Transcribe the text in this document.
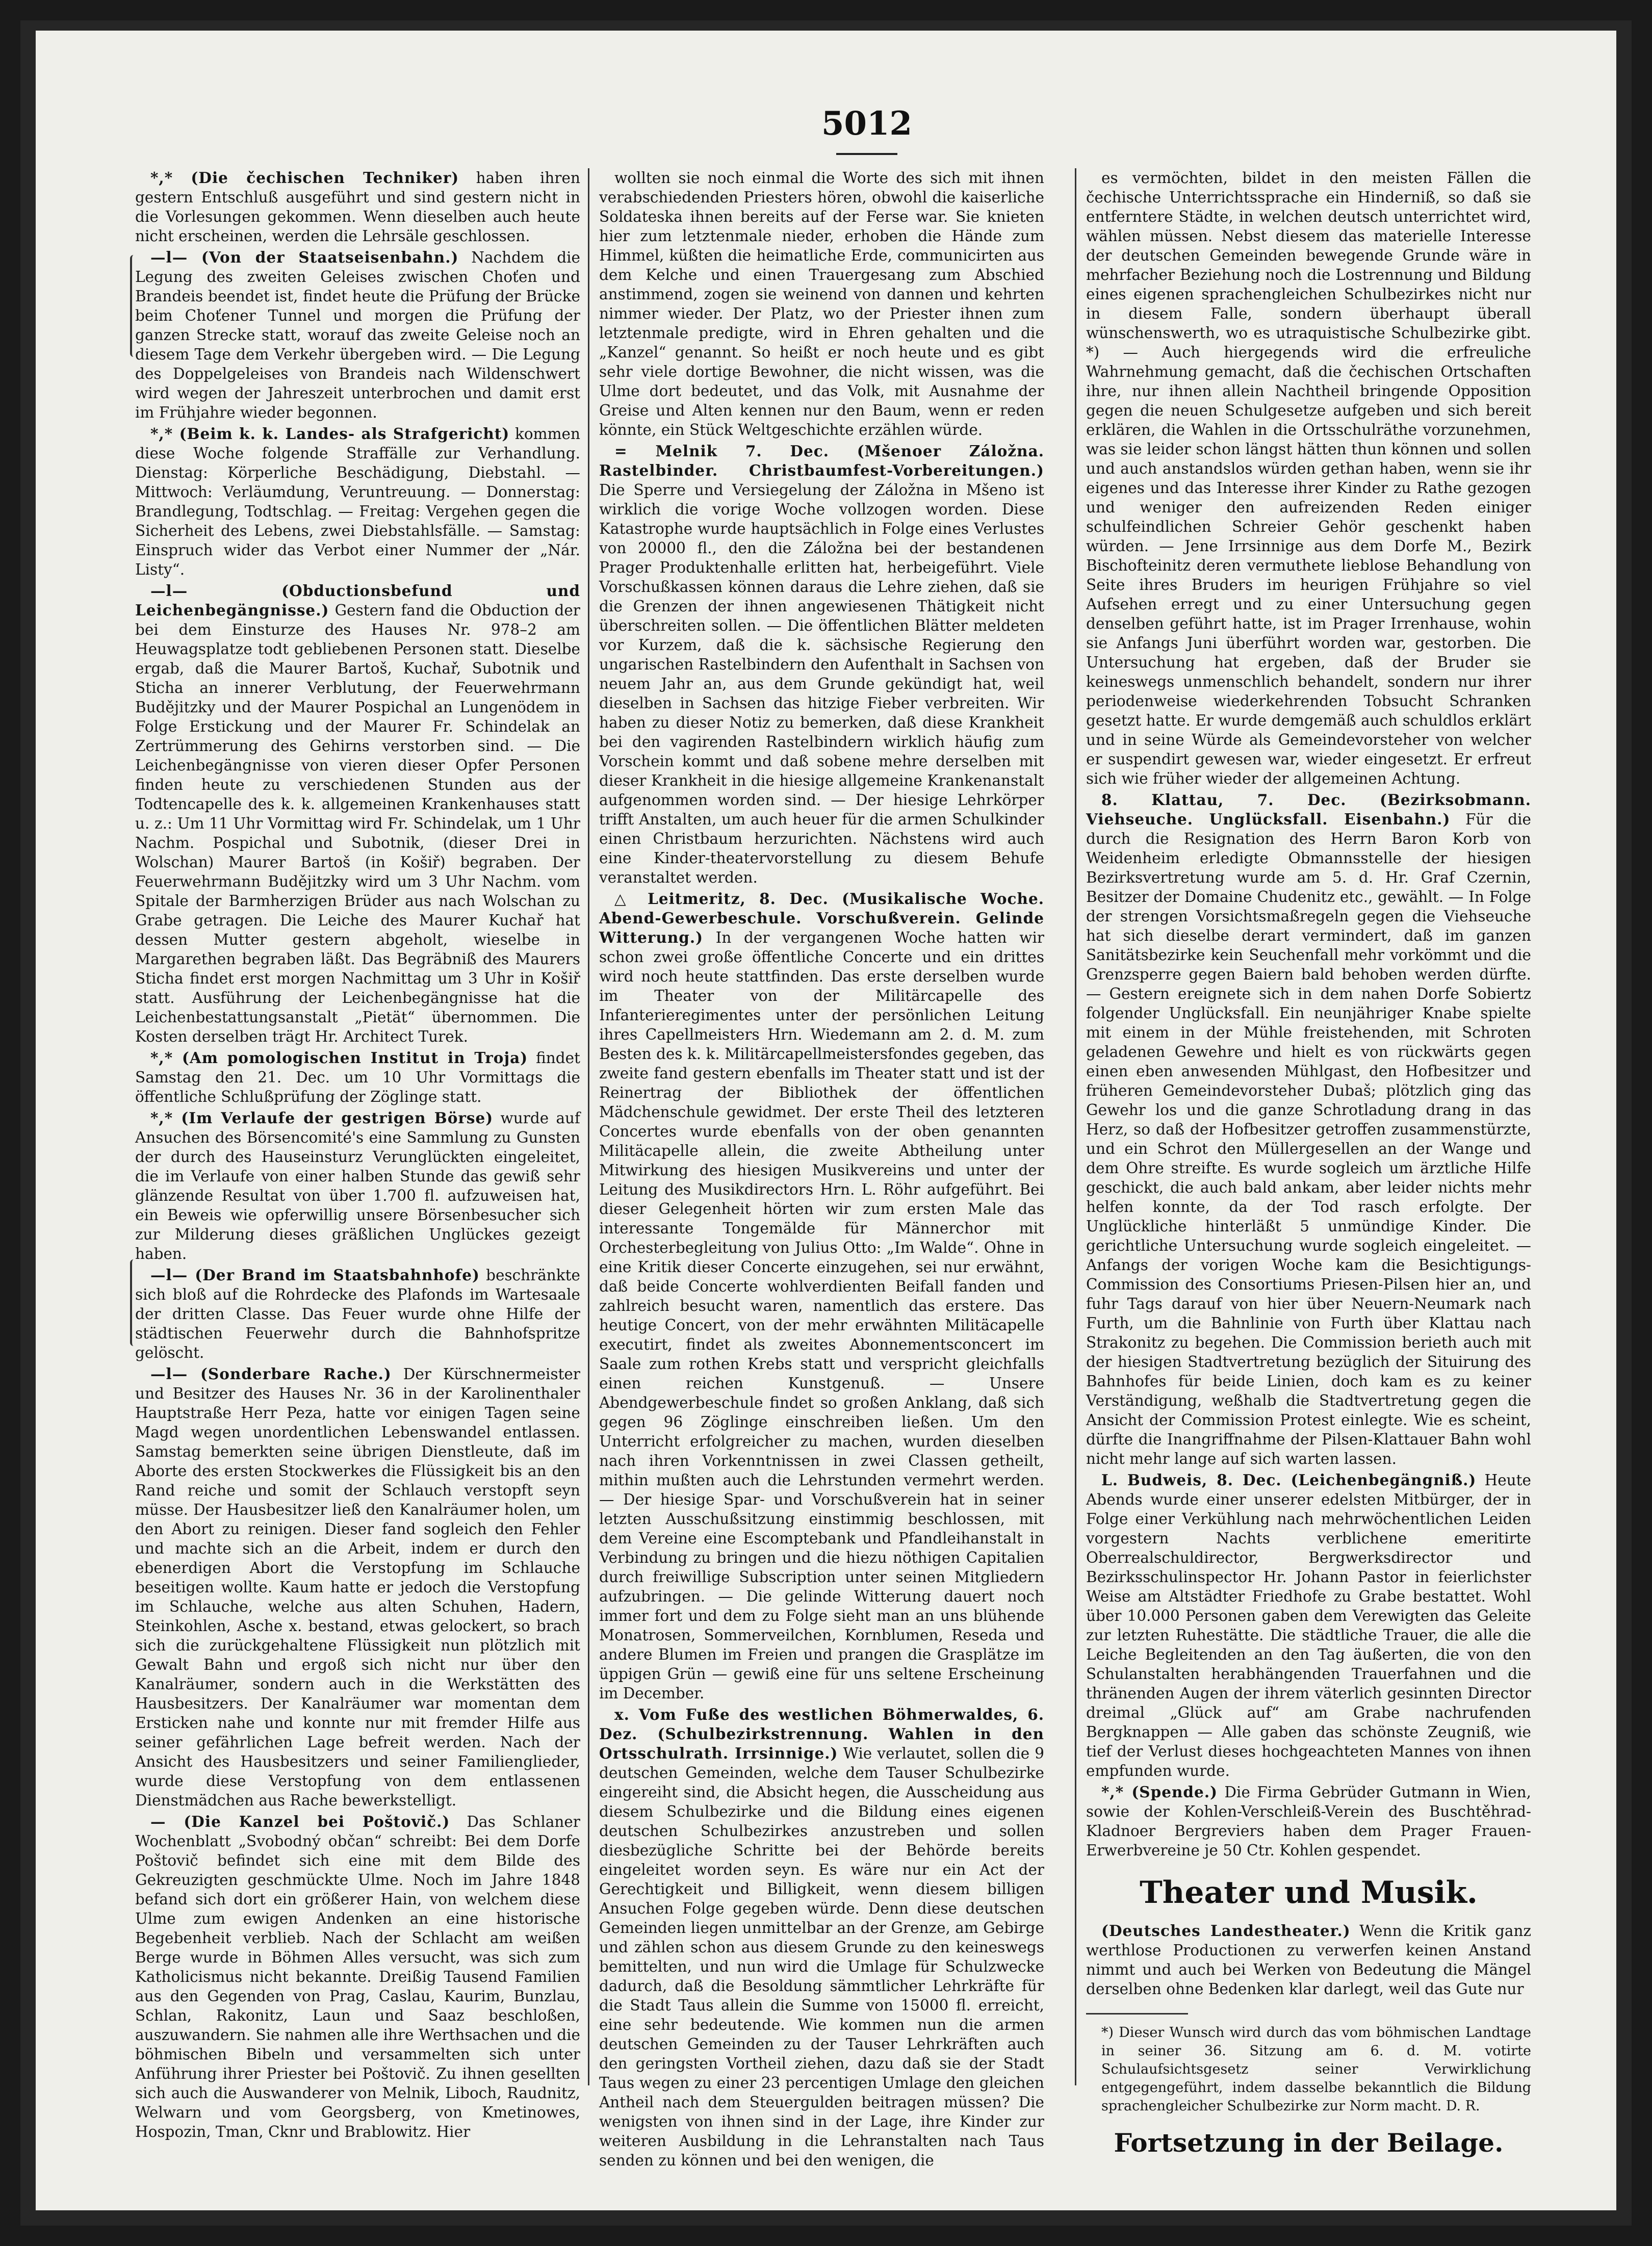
5012

*,* (Die čechischen Techniker) haben ihren gestern Entschluß ausgeführt und sind gestern nicht in die Vorlesungen gekommen. Wenn dieselben auch heute nicht erscheinen, werden die Lehrsäle geschlossen.

—l— (Von der Staatseisenbahn.) Nachdem die Legung des zweiten Geleises zwischen Choťen und Brandeis beendet ist, findet heute die Prüfung der Brücke beim Choťener Tunnel und morgen die Prüfung der ganzen Strecke statt, worauf das zweite Geleise noch an diesem Tage dem Verkehr übergeben wird. — Die Legung des Doppelgeleises von Brandeis nach Wildenschwert wird wegen der Jahreszeit unterbrochen und damit erst im Frühjahre wieder begonnen.

*,* (Beim k. k. Landes- als Strafgericht) kommen diese Woche folgende Straffälle zur Verhandlung. Dienstag: Körperliche Beschädigung, Diebstahl. — Mittwoch: Verläumdung, Veruntreuung. — Donnerstag: Brandlegung, Todtschlag. — Freitag: Vergehen gegen die Sicherheit des Lebens, zwei Diebstahlsfälle. — Samstag: Einspruch wider das Verbot einer Nummer der „Nár. Listy“.

—l— (Obductionsbefund und Leichenbegängnisse.) Gestern fand die Obduction der bei dem Einsturze des Hauses Nr. 978–2 am Heuwagsplatze todt gebliebenen Personen statt. Dieselbe ergab, daß die Maurer Bartoš, Kuchař, Subotnik und Sticha an innerer Verblutung, der Feuerwehrmann Budějitzky und der Maurer Pospichal an Lungenödem in Folge Erstickung und der Maurer Fr. Schindelak an Zertrümmerung des Gehirns verstorben sind. — Die Leichenbegängnisse von vieren dieser Opfer Personen finden heute zu verschiedenen Stunden aus der Todtencapelle des k. k. allgemeinen Krankenhauses statt u. z.: Um 11 Uhr Vormittag wird Fr. Schindelak, um 1 Uhr Nachm. Pospichal und Subotnik, (dieser Drei in Wolschan) Maurer Bartoš (in Košiř) begraben. Der Feuerwehrmann Budějitzky wird um 3 Uhr Nachm. vom Spitale der Barmherzigen Brüder aus nach Wolschan zu Grabe getragen. Die Leiche des Maurer Kuchař hat dessen Mutter gestern abgeholt, wieselbe in Margarethen begraben läßt. Das Begräbniß des Maurers Sticha findet erst morgen Nachmittag um 3 Uhr in Košiř statt. Ausführung der Leichenbegängnisse hat die Leichenbestattungsanstalt „Pietät“ übernommen. Die Kosten derselben trägt Hr. Architect Turek.

*,* (Am pomologischen Institut in Troja) findet Samstag den 21. Dec. um 10 Uhr Vormittags die öffentliche Schlußprüfung der Zöglinge statt.

*,* (Im Verlaufe der gestrigen Börse) wurde auf Ansuchen des Börsencomité's eine Sammlung zu Gunsten der durch des Hauseinsturz Verunglückten eingeleitet, die im Verlaufe von einer halben Stunde das gewiß sehr glänzende Resultat von über 1.700 fl. aufzuweisen hat, ein Beweis wie opferwillig unsere Börsenbesucher sich zur Milderung dieses gräßlichen Unglückes gezeigt haben.

—l— (Der Brand im Staatsbahnhofe) beschränkte sich bloß auf die Rohrdecke des Plafonds im Wartesaale der dritten Classe. Das Feuer wurde ohne Hilfe der städtischen Feuerwehr durch die Bahnhofspritze gelöscht.

—l— (Sonderbare Rache.) Der Kürschnermeister und Besitzer des Hauses Nr. 36 in der Karolinenthaler Hauptstraße Herr Peza, hatte vor einigen Tagen seine Magd wegen unordentlichen Lebenswandel entlassen. Samstag bemerkten seine übrigen Dienstleute, daß im Aborte des ersten Stockwerkes die Flüssigkeit bis an den Rand reiche und somit der Schlauch verstopft seyn müsse. Der Hausbesitzer ließ den Kanalräumer holen, um den Abort zu reinigen. Dieser fand sogleich den Fehler und machte sich an die Arbeit, indem er durch den ebenerdigen Abort die Verstopfung im Schlauche beseitigen wollte. Kaum hatte er jedoch die Verstopfung im Schlauche, welche aus alten Schuhen, Hadern, Steinkohlen, Asche x. bestand, etwas gelockert, so brach sich die zurückgehaltene Flüssigkeit nun plötzlich mit Gewalt Bahn und ergoß sich nicht nur über den Kanalräumer, sondern auch in die Werkstätten des Hausbesitzers. Der Kanalräumer war momentan dem Ersticken nahe und konnte nur mit fremder Hilfe aus seiner gefährlichen Lage befreit werden. Nach der Ansicht des Hausbesitzers und seiner Familienglieder, wurde diese Verstopfung von dem entlassenen Dienstmädchen aus Rache bewerkstelligt.

— (Die Kanzel bei Poštovič.) Das Schlaner Wochenblatt „Svobodný občan“ schreibt: Bei dem Dorfe Poštovič befindet sich eine mit dem Bilde des Gekreuzigten geschmückte Ulme. Noch im Jahre 1848 befand sich dort ein größerer Hain, von welchem diese Ulme zum ewigen Andenken an eine historische Begebenheit verblieb. Nach der Schlacht am weißen Berge wurde in Böhmen Alles versucht, was sich zum Katholicismus nicht bekannte. Dreißig Tausend Familien aus den Gegenden von Prag, Caslau, Kaurim, Bunzlau, Schlan, Rakonitz, Laun und Saaz beschloßen, auszuwandern. Sie nahmen alle ihre Werthsachen und die böhmischen Bibeln und versammelten sich unter Anführung ihrer Priester bei Poštovič. Zu ihnen gesellten sich auch die Auswanderer von Melnik, Liboch, Raudnitz, Welwarn und vom Georgsberg, von Kmetinowes, Hospozin, Tman, Cknr und Brablowitz. Hier

wollten sie noch einmal die Worte des sich mit ihnen verabschiedenden Priesters hören, obwohl die kaiserliche Soldateska ihnen bereits auf der Ferse war. Sie knieten hier zum letztenmale nieder, erhoben die Hände zum Himmel, küßten die heimatliche Erde, communicirten aus dem Kelche und einen Trauergesang zum Abschied anstimmend, zogen sie weinend von dannen und kehrten nimmer wieder. Der Platz, wo der Priester ihnen zum letztenmale predigte, wird in Ehren gehalten und die „Kanzel“ genannt. So heißt er noch heute und es gibt sehr viele dortige Bewohner, die nicht wissen, was die Ulme dort bedeutet, und das Volk, mit Ausnahme der Greise und Alten kennen nur den Baum, wenn er reden könnte, ein Stück Weltgeschichte erzählen würde.

= Melnik 7. Dec. (Mšenoer Záložna. Rastelbinder. Christbaumfest-Vorbereitungen.) Die Sperre und Versiegelung der Záložna in Mšeno ist wirklich die vorige Woche vollzogen worden. Diese Katastrophe wurde hauptsächlich in Folge eines Verlustes von 20000 fl., den die Záložna bei der bestandenen Prager Produktenhalle erlitten hat, herbeigeführt. Viele Vorschußkassen können daraus die Lehre ziehen, daß sie die Grenzen der ihnen angewiesenen Thätigkeit nicht überschreiten sollen. — Die öffentlichen Blätter meldeten vor Kurzem, daß die k. sächsische Regierung den ungarischen Rastelbindern den Aufenthalt in Sachsen von neuem Jahr an, aus dem Grunde gekündigt hat, weil dieselben in Sachsen das hitzige Fieber verbreiten. Wir haben zu dieser Notiz zu bemerken, daß diese Krankheit bei den vagirenden Rastelbindern wirklich häufig zum Vorschein kommt und daß sobene mehre derselben mit dieser Krankheit in die hiesige allgemeine Krankenanstalt aufgenommen worden sind. — Der hiesige Lehrkörper trifft Anstalten, um auch heuer für die armen Schulkinder einen Christbaum herzurichten. Nächstens wird auch eine Kinder-theatervorstellung zu diesem Behufe veranstaltet werden.

△ Leitmeritz, 8. Dec. (Musikalische Woche. Abend-Gewerbeschule. Vorschußverein. Gelinde Witterung.) In der vergangenen Woche hatten wir schon zwei große öffentliche Concerte und ein drittes wird noch heute stattfinden. Das erste derselben wurde im Theater von der Militärcapelle des Infanterieregimentes unter der persönlichen Leitung ihres Capellmeisters Hrn. Wiedemann am 2. d. M. zum Besten des k. k. Militärcapellmeistersfondes gegeben, das zweite fand gestern ebenfalls im Theater statt und ist der Reinertrag der Bibliothek der öffentlichen Mädchenschule gewidmet. Der erste Theil des letzteren Concertes wurde ebenfalls von der oben genannten Militäcapelle allein, die zweite Abtheilung unter Mitwirkung des hiesigen Musikvereins und unter der Leitung des Musikdirectors Hrn. L. Röhr aufgeführt. Bei dieser Gelegenheit hörten wir zum ersten Male das interessante Tongemälde für Männerchor mit Orchesterbegleitung von Julius Otto: „Im Walde“. Ohne in eine Kritik dieser Concerte einzugehen, sei nur erwähnt, daß beide Concerte wohlverdienten Beifall fanden und zahlreich besucht waren, namentlich das erstere. Das heutige Concert, von der mehr erwähnten Militäcapelle executirt, findet als zweites Abonnementsconcert im Saale zum rothen Krebs statt und verspricht gleichfalls einen reichen Kunstgenuß. — Unsere Abendgewerbeschule findet so großen Anklang, daß sich gegen 96 Zöglinge einschreiben ließen. Um den Unterricht erfolgreicher zu machen, wurden dieselben nach ihren Vorkenntnissen in zwei Classen getheilt, mithin mußten auch die Lehrstunden vermehrt werden. — Der hiesige Spar- und Vorschußverein hat in seiner letzten Ausschußsitzung einstimmig beschlossen, mit dem Vereine eine Escomptebank und Pfandleihanstalt in Verbindung zu bringen und die hiezu nöthigen Capitalien durch freiwillige Subscription unter seinen Mitgliedern aufzubringen. — Die gelinde Witterung dauert noch immer fort und dem zu Folge sieht man an uns blühende Monatrosen, Sommerveilchen, Kornblumen, Reseda und andere Blumen im Freien und prangen die Grasplätze im üppigen Grün — gewiß eine für uns seltene Erscheinung im December.

x. Vom Fuße des westlichen Böhmerwaldes, 6. Dez. (Schulbezirkstrennung. Wahlen in den Ortsschulrath. Irrsinnige.) Wie verlautet, sollen die 9 deutschen Gemeinden, welche dem Tauser Schulbezirke eingereiht sind, die Absicht hegen, die Ausscheidung aus diesem Schulbezirke und die Bildung eines eigenen deutschen Schulbezirkes anzustreben und sollen diesbezügliche Schritte bei der Behörde bereits eingeleitet worden seyn. Es wäre nur ein Act der Gerechtigkeit und Billigkeit, wenn diesem billigen Ansuchen Folge gegeben würde. Denn diese deutschen Gemeinden liegen unmittelbar an der Grenze, am Gebirge und zählen schon aus diesem Grunde zu den keineswegs bemittelten, und nun wird die Umlage für Schulzwecke dadurch, daß die Besoldung sämmtlicher Lehrkräfte für die Stadt Taus allein die Summe von 15000 fl. erreicht, eine sehr bedeutende. Wie kommen nun die armen deutschen Gemeinden zu der Tauser Lehrkräften auch den geringsten Vortheil ziehen, dazu daß sie der Stadt Taus wegen zu einer 23 percentigen Umlage den gleichen Antheil nach dem Steuergulden beitragen müssen? Die wenigsten von ihnen sind in der Lage, ihre Kinder zur weiteren Ausbildung in die Lehranstalten nach Taus senden zu können und bei den wenigen, die

es vermöchten, bildet in den meisten Fällen die čechische Unterrichtssprache ein Hinderniß, so daß sie entferntere Städte, in welchen deutsch unterrichtet wird, wählen müssen. Nebst diesem das materielle Interesse der deutschen Gemeinden bewegende Grunde wäre in mehrfacher Beziehung noch die Lostrennung und Bildung eines eigenen sprachengleichen Schulbezirkes nicht nur in diesem Falle, sondern überhaupt überall wünschenswerth, wo es utraquistische Schulbezirke gibt. *) — Auch hiergegends wird die erfreuliche Wahrnehmung gemacht, daß die čechischen Ortschaften ihre, nur ihnen allein Nachtheil bringende Opposition gegen die neuen Schulgesetze aufgeben und sich bereit erklären, die Wahlen in die Ortsschulräthe vorzunehmen, was sie leider schon längst hätten thun können und sollen und auch anstandslos würden gethan haben, wenn sie ihr eigenes und das Interesse ihrer Kinder zu Rathe gezogen und weniger den aufreizenden Reden einiger schulfeindlichen Schreier Gehör geschenkt haben würden. — Jene Irrsinnige aus dem Dorfe M., Bezirk Bischofteinitz deren vermuthete lieblose Behandlung von Seite ihres Bruders im heurigen Frühjahre so viel Aufsehen erregt und zu einer Untersuchung gegen denselben geführt hatte, ist im Prager Irrenhause, wohin sie Anfangs Juni überführt worden war, gestorben. Die Untersuchung hat ergeben, daß der Bruder sie keineswegs unmenschlich behandelt, sondern nur ihrer periodenweise wiederkehrenden Tobsucht Schranken gesetzt hatte. Er wurde demgemäß auch schuldlos erklärt und in seine Würde als Gemeindevorsteher von welcher er suspendirt gewesen war, wieder eingesetzt. Er erfreut sich wie früher wieder der allgemeinen Achtung.

8. Klattau, 7. Dec. (Bezirksobmann. Viehseuche. Unglücksfall. Eisenbahn.) Für die durch die Resignation des Herrn Baron Korb von Weidenheim erledigte Obmannsstelle der hiesigen Bezirksvertretung wurde am 5. d. Hr. Graf Czernin, Besitzer der Domaine Chudenitz etc., gewählt. — In Folge der strengen Vorsichtsmaßregeln gegen die Viehseuche hat sich dieselbe derart vermindert, daß im ganzen Sanitätsbezirke kein Seuchenfall mehr vorkömmt und die Grenzsperre gegen Baiern bald behoben werden dürfte. — Gestern ereignete sich in dem nahen Dorfe Sobiertz folgender Unglücksfall. Ein neunjähriger Knabe spielte mit einem in der Mühle freistehenden, mit Schroten geladenen Gewehre und hielt es von rückwärts gegen einen eben anwesenden Mühlgast, den Hofbesitzer und früheren Gemeindevorsteher Dubaš; plötzlich ging das Gewehr los und die ganze Schrotladung drang in das Herz, so daß der Hofbesitzer getroffen zusammenstürzte, und ein Schrot den Müllergesellen an der Wange und dem Ohre streifte. Es wurde sogleich um ärztliche Hilfe geschickt, die auch bald ankam, aber leider nichts mehr helfen konnte, da der Tod rasch erfolgte. Der Unglückliche hinterläßt 5 unmündige Kinder. Die gerichtliche Untersuchung wurde sogleich eingeleitet. — Anfangs der vorigen Woche kam die Besichtigungs-Commission des Consortiums Priesen-Pilsen hier an, und fuhr Tags darauf von hier über Neuern-Neumark nach Furth, um die Bahnlinie von Furth über Klattau nach Strakonitz zu begehen. Die Commission berieth auch mit der hiesigen Stadtvertretung bezüglich der Situirung des Bahnhofes für beide Linien, doch kam es zu keiner Verständigung, weßhalb die Stadtvertretung gegen die Ansicht der Commission Protest einlegte. Wie es scheint, dürfte die Inangriffnahme der Pilsen-Klattauer Bahn wohl nicht mehr lange auf sich warten lassen.

L. Budweis, 8. Dec. (Leichenbegängniß.) Heute Abends wurde einer unserer edelsten Mitbürger, der in Folge einer Verkühlung nach mehrwöchentlichen Leiden vorgestern Nachts verblichene emeritirte Oberrealschuldirector, Bergwerksdirector und Bezirksschulinspector Hr. Johann Pastor in feierlichster Weise am Altstädter Friedhofe zu Grabe bestattet. Wohl über 10.000 Personen gaben dem Verewigten das Geleite zur letzten Ruhestätte. Die städtliche Trauer, die alle die Leiche Begleitenden an den Tag äußerten, die von den Schulanstalten herabhängenden Trauerfahnen und die thränenden Augen der ihrem väterlich gesinnten Director dreimal „Glück auf“ am Grabe nachrufenden Bergknappen — Alle gaben das schönste Zeugniß, wie tief der Verlust dieses hochgeachteten Mannes von ihnen empfunden wurde.

*,* (Spende.) Die Firma Gebrüder Gutmann in Wien, sowie der Kohlen-Verschleiß-Verein des Buschtěhrad-Kladnoer Bergreviers haben dem Prager Frauen-Erwerbvereine je 50 Ctr. Kohlen gespendet.

Theater und Musik.

(Deutsches Landestheater.) Wenn die Kritik ganz werthlose Productionen zu verwerfen keinen Anstand nimmt und auch bei Werken von Bedeutung die Mängel derselben ohne Bedenken klar darlegt, weil das Gute nur

*) Dieser Wunsch wird durch das vom böhmischen Landtage in seiner 36. Sitzung am 6. d. M. votirte Schulaufsichtsgesetz seiner Verwirklichung entgegengeführt, indem dasselbe bekanntlich die Bildung sprachengleicher Schulbezirke zur Norm macht. D. R.

Fortsetzung in der Beilage.
